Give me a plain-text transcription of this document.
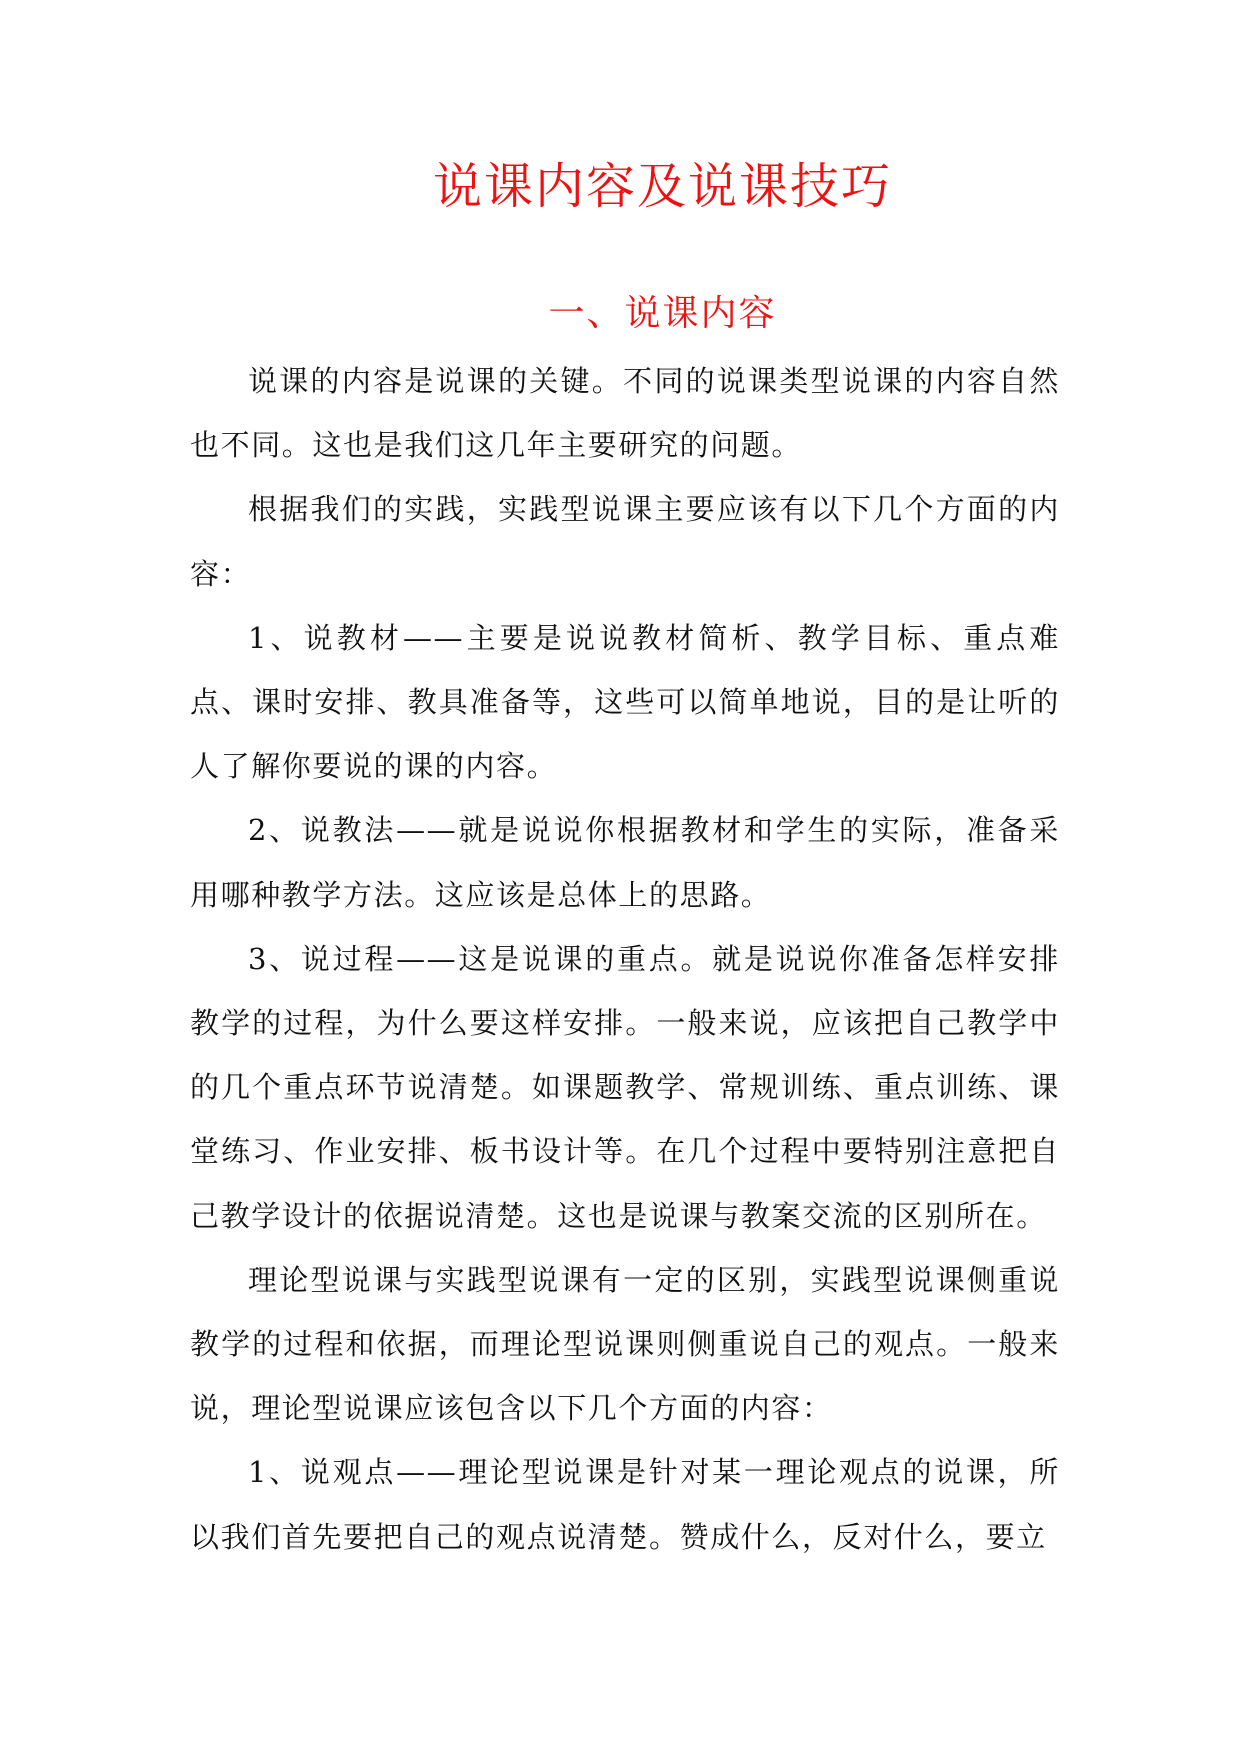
说课内容及说课技巧
一、说课内容

说课的内容是说课的关键。不同的说课类型说课的内容自然也不同。这也是我们这几年主要研究的问题。

根据我们的实践，实践型说课主要应该有以下几个方面的内容：

1、说教材——主要是说说教材简析、教学目标、重点难点、课时安排、教具准备等，这些可以简单地说，目的是让听的人了解你要说的课的内容。

2、说教法——就是说说你根据教材和学生的实际，准备采用哪种教学方法。这应该是总体上的思路。

3、说过程——这是说课的重点。就是说说你准备怎样安排教学的过程，为什么要这样安排。一般来说，应该把自己教学中的几个重点环节说清楚。如课题教学、常规训练、重点训练、课堂练习、作业安排、板书设计等。在几个过程中要特别注意把自己教学设计的依据说清楚。这也是说课与教案交流的区别所在。

理论型说课与实践型说课有一定的区别，实践型说课侧重说教学的过程和依据，而理论型说课则侧重说自己的观点。一般来说，理论型说课应该包含以下几个方面的内容：

1、说观点——理论型说课是针对某一理论观点的说课，所以我们首先要把自己的观点说清楚。赞成什么，反对什么，要立
